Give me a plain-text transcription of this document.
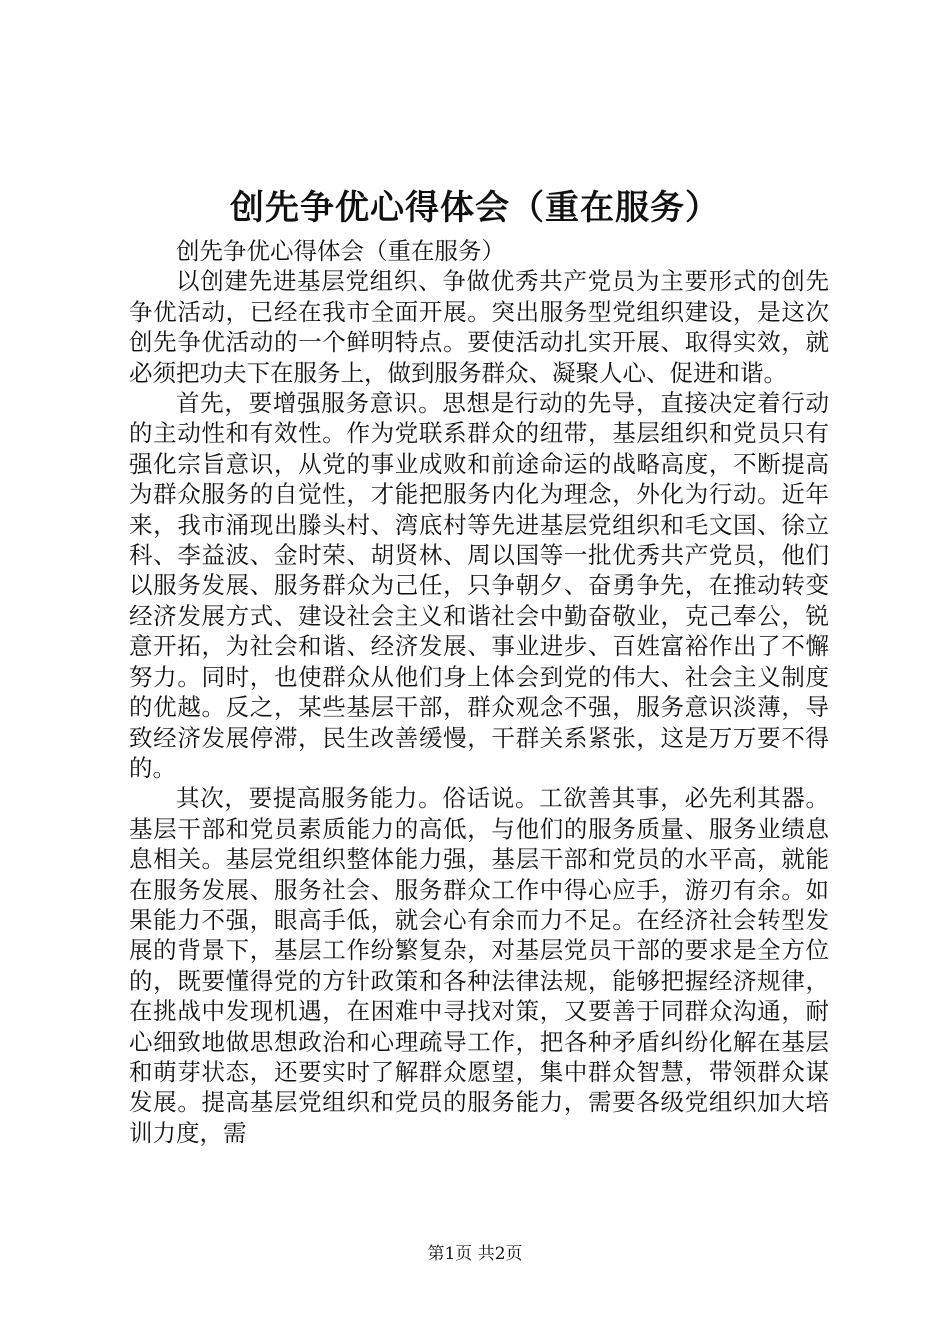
创先争优心得体会（重在服务）

创先争优心得体会（重在服务）

以创建先进基层党组织、争做优秀共产党员为主要形式的创先争优活动，已经在我市全面开展。突出服务型党组织建设，是这次创先争优活动的一个鲜明特点。要使活动扎实开展、取得实效，就必须把功夫下在服务上，做到服务群众、凝聚人心、促进和谐。

首先，要增强服务意识。思想是行动的先导，直接决定着行动的主动性和有效性。作为党联系群众的纽带，基层组织和党员只有强化宗旨意识，从党的事业成败和前途命运的战略高度，不断提高为群众服务的自觉性，才能把服务内化为理念，外化为行动。近年来，我市涌现出滕头村、湾底村等先进基层党组织和毛文国、徐立科、李益波、金时荣、胡贤林、周以国等一批优秀共产党员，他们以服务发展、服务群众为己任，只争朝夕、奋勇争先，在推动转变经济发展方式、建设社会主义和谐社会中勤奋敬业，克己奉公，锐意开拓，为社会和谐、经济发展、事业进步、百姓富裕作出了不懈努力。同时，也使群众从他们身上体会到党的伟大、社会主义制度的优越。反之，某些基层干部，群众观念不强，服务意识淡薄，导致经济发展停滞，民生改善缓慢，干群关系紧张，这是万万要不得的。

其次，要提高服务能力。俗话说。工欲善其事，必先利其器。基层干部和党员素质能力的高低，与他们的服务质量、服务业绩息息相关。基层党组织整体能力强，基层干部和党员的水平高，就能在服务发展、服务社会、服务群众工作中得心应手，游刃有余。如果能力不强，眼高手低，就会心有余而力不足。在经济社会转型发展的背景下，基层工作纷繁复杂，对基层党员干部的要求是全方位的，既要懂得党的方针政策和各种法律法规，能够把握经济规律，在挑战中发现机遇，在困难中寻找对策，又要善于同群众沟通，耐心细致地做思想政治和心理疏导工作，把各种矛盾纠纷化解在基层和萌芽状态，还要实时了解群众愿望，集中群众智慧，带领群众谋发展。提高基层党组织和党员的服务能力，需要各级党组织加大培训力度，需

第1页 共2页
